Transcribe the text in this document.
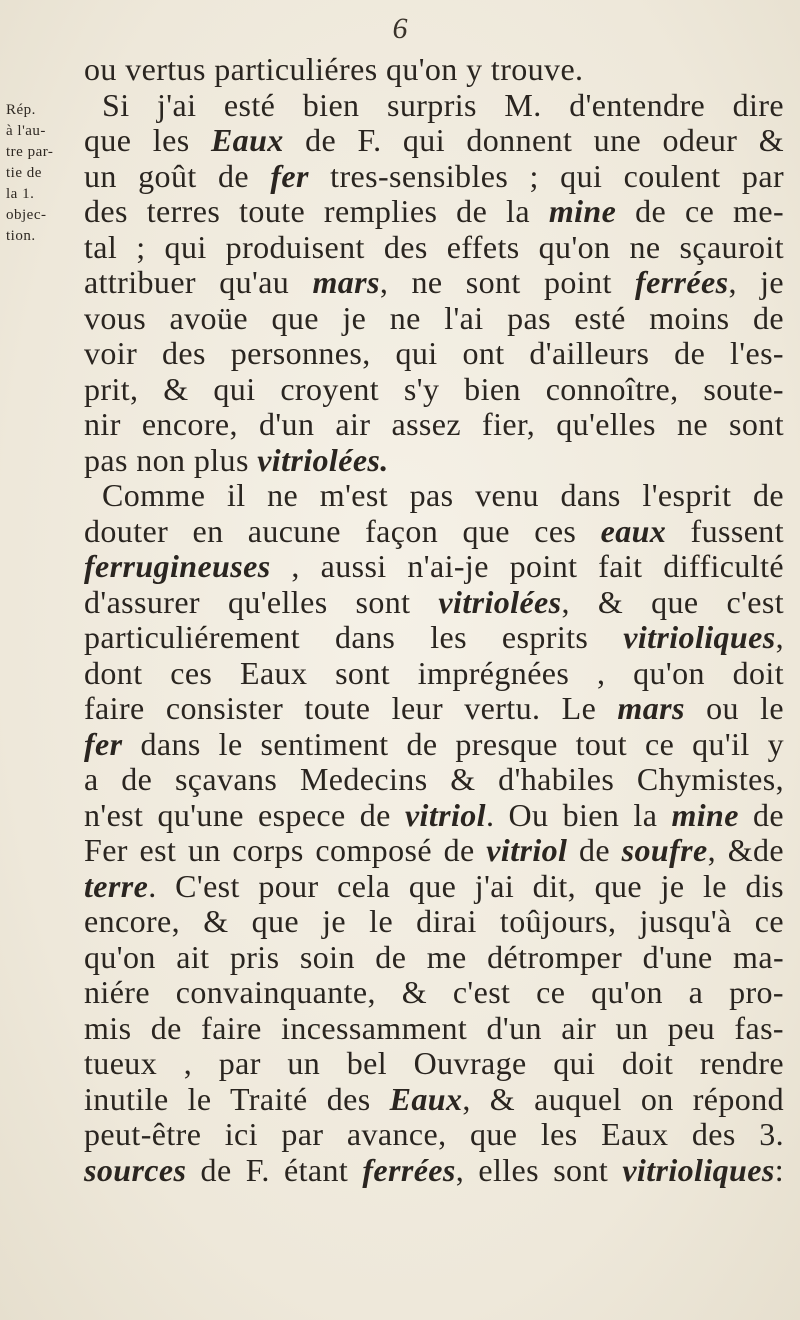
6
Rép.
à l'au-
tre par-
tie de
la 1.
objec-
tion.
ou vertus particuliéres qu'on y trouve.
Si j'ai esté bien surpris M. d'entendre dire
que les Eaux de F. qui donnent une odeur &
un goût de fer tres-sensibles ; qui coulent par
des terres toute remplies de la mine de ce me-
tal ; qui produisent des effets qu'on ne sçauroit
attribuer qu'au mars, ne sont point ferrées, je
vous avoüe que je ne l'ai pas esté moins de
voir des personnes, qui ont d'ailleurs de l'es-
prit, & qui croyent s'y bien connoître, soute-
nir encore, d'un air assez fier, qu'elles ne sont
pas non plus vitriolées.
Comme il ne m'est pas venu dans l'esprit de
douter en aucune façon que ces eaux fussent
ferrugineuses , aussi n'ai-je point fait difficulté
d'assurer qu'elles sont vitriolées, & que c'est
particuliérement dans les esprits vitrioliques,
dont ces Eaux sont imprégnées , qu'on doit
faire consister toute leur vertu. Le mars ou le
fer dans le sentiment de presque tout ce qu'il y
a de sçavans Medecins & d'habiles Chymistes,
n'est qu'une espece de vitriol. Ou bien la mine de
Fer est un corps composé de vitriol de soufre, &de
terre. C'est pour cela que j'ai dit, que je le dis
encore, & que je le dirai toûjours, jusqu'à ce
qu'on ait pris soin de me détromper d'une ma-
niére convainquante, & c'est ce qu'on a pro-
mis de faire incessamment d'un air un peu fas-
tueux , par un bel Ouvrage qui doit rendre
inutile le Traité des Eaux, & auquel on répond
peut-être ici par avance, que les Eaux des 3.
sources de F. étant ferrées, elles sont vitrioliques:
